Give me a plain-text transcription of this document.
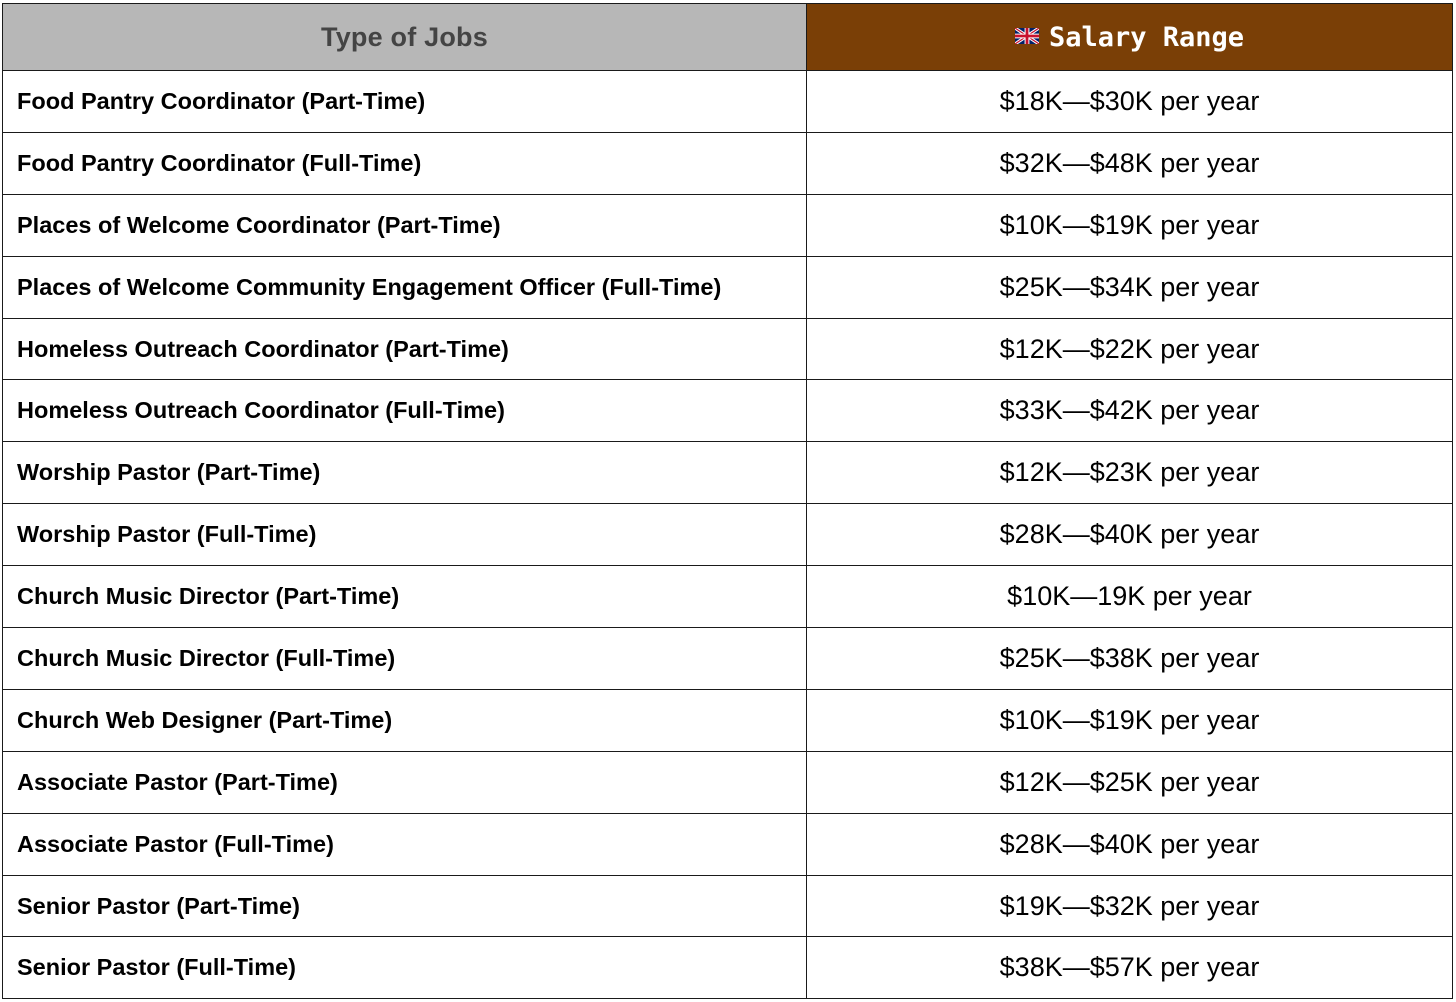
Type of Jobs	Salary Range
Food Pantry Coordinator (Part-Time)	$18K—$30K per year
Food Pantry Coordinator (Full-Time)	$32K—$48K per year
Places of Welcome Coordinator (Part-Time)	$10K—$19K per year
Places of Welcome Community Engagement Officer (Full-Time)	$25K—$34K per year
Homeless Outreach Coordinator (Part-Time)	$12K—$22K per year
Homeless Outreach Coordinator (Full-Time)	$33K—$42K per year
Worship Pastor (Part-Time)	$12K—$23K per year
Worship Pastor (Full-Time)	$28K—$40K per year
Church Music Director (Part-Time)	$10K—19K per year
Church Music Director (Full-Time)	$25K—$38K per year
Church Web Designer (Part-Time)	$10K—$19K per year
Associate Pastor (Part-Time)	$12K—$25K per year
Associate Pastor (Full-Time)	$28K—$40K per year
Senior Pastor (Part-Time)	$19K—$32K per year
Senior Pastor (Full-Time)	$38K—$57K per year
